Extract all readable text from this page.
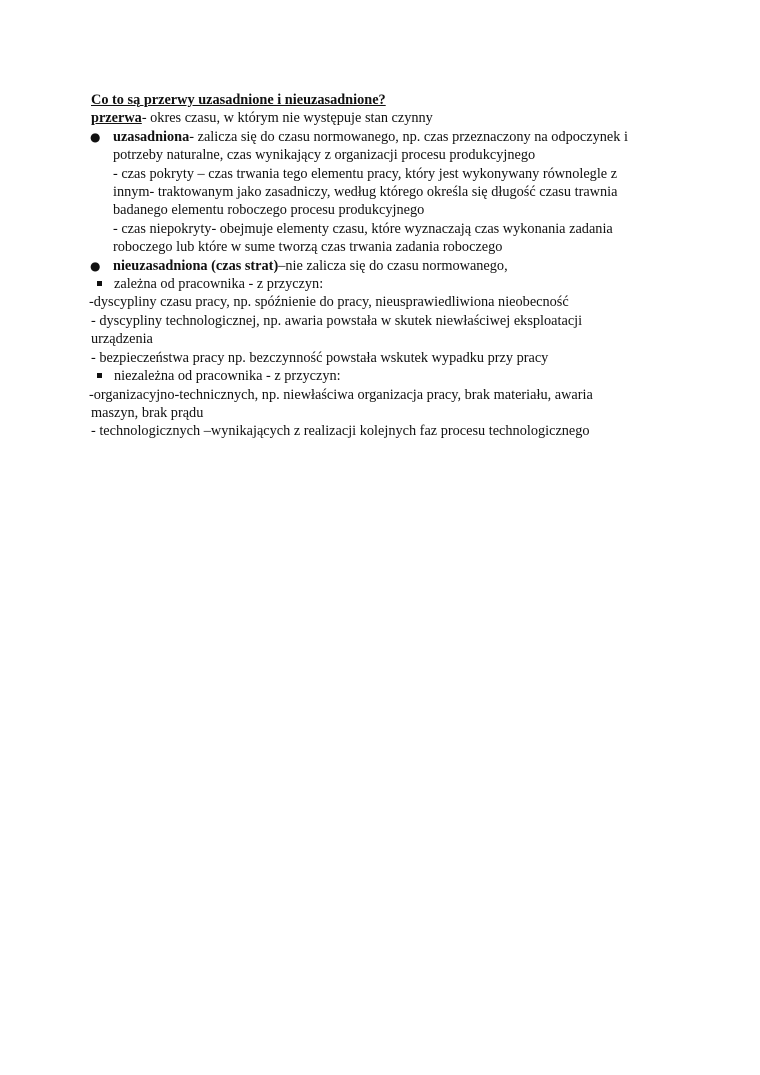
Co to są przerwy uzasadnione i nieuzasadnione?
przerwa- okres czasu, w którym nie występuje stan czynny
● uzasadniona- zalicza się do czasu normowanego, np. czas przeznaczony na odpoczynek i
potrzeby naturalne, czas wynikający z organizacji procesu produkcyjnego
- czas pokryty – czas trwania tego elementu pracy, który jest wykonywany równolegle z
innym- traktowanym jako zasadniczy, według którego określa się długość czasu trawnia
badanego elementu roboczego procesu produkcyjnego
- czas niepokryty- obejmuje elementy czasu, które wyznaczają czas wykonania zadania
roboczego lub które w sume tworzą czas trwania zadania roboczego
● nieuzasadniona (czas strat)–nie zalicza się do czasu normowanego,
zależna od pracownika - z przyczyn:
-dyscypliny czasu pracy, np. spóźnienie do pracy, nieusprawiedliwiona nieobecność
- dyscypliny technologicznej, np. awaria powstała w skutek niewłaściwej eksploatacji
urządzenia
- bezpieczeństwa pracy np. bezczynność powstała wskutek wypadku przy pracy
niezależna od pracownika - z przyczyn:
-organizacyjno-technicznych, np. niewłaściwa organizacja pracy, brak materiału, awaria
maszyn, brak prądu
- technologicznych –wynikających z realizacji kolejnych faz procesu technologicznego
